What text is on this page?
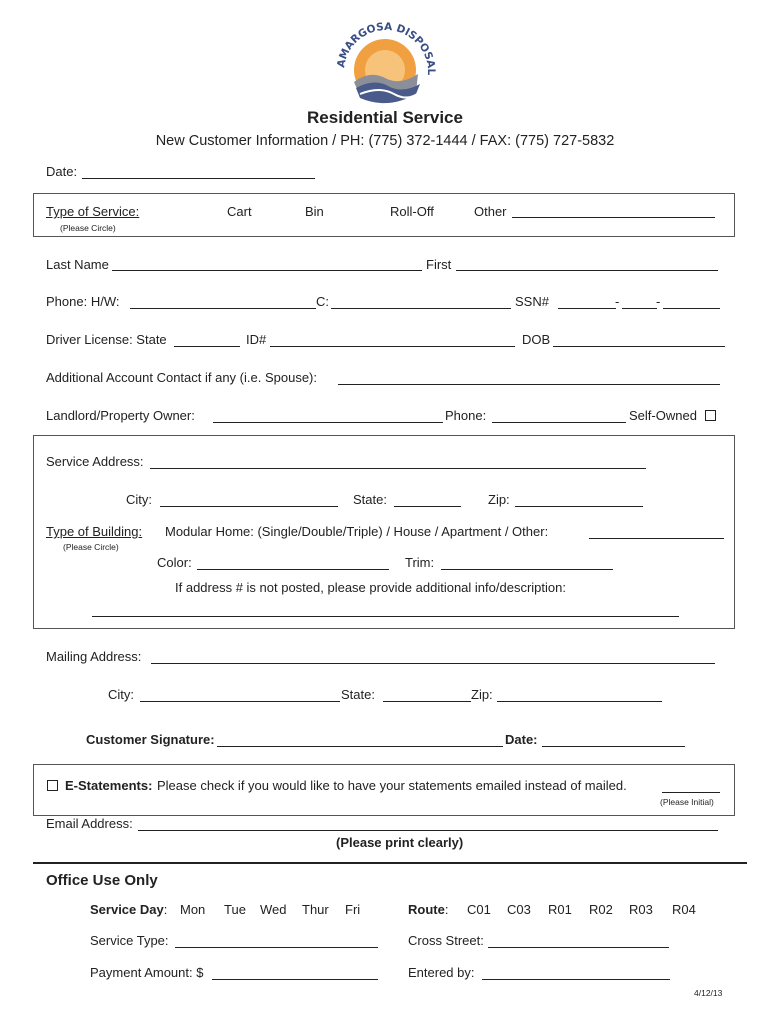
AMARGOSA DISPOSAL
Residential Service
New Customer Information / PH: (775) 372-1444 / FAX: (775) 727-5832
Date:
Type of Service:
(Please Circle)
Cart	Bin	Roll-Off	Other
Last Name	First
Phone: H/W:	C:	SSN#	-	-
Driver License: State	ID#	DOB
Additional Account Contact if any (i.e. Spouse):
Landlord/Property Owner:	Phone:	Self-Owned
Service Address:
City:	State:	Zip:
Type of Building:
(Please Circle)
Modular Home: (Single/Double/Triple) / House / Apartment / Other:
Color:	Trim:
If address # is not posted, please provide additional info/description:
Mailing Address:
City:	State:	Zip:
Customer Signature:	Date:
E-Statements: Please check if you would like to have your statements emailed instead of mailed.
(Please Initial)
Email Address:
(Please print clearly)
Office Use Only
Service Day: Mon Tue Wed Thur Fri	Route: C01 C03 R01 R02 R03 R04
Service Type:	Cross Street:
Payment Amount: $	Entered by:
4/12/13
